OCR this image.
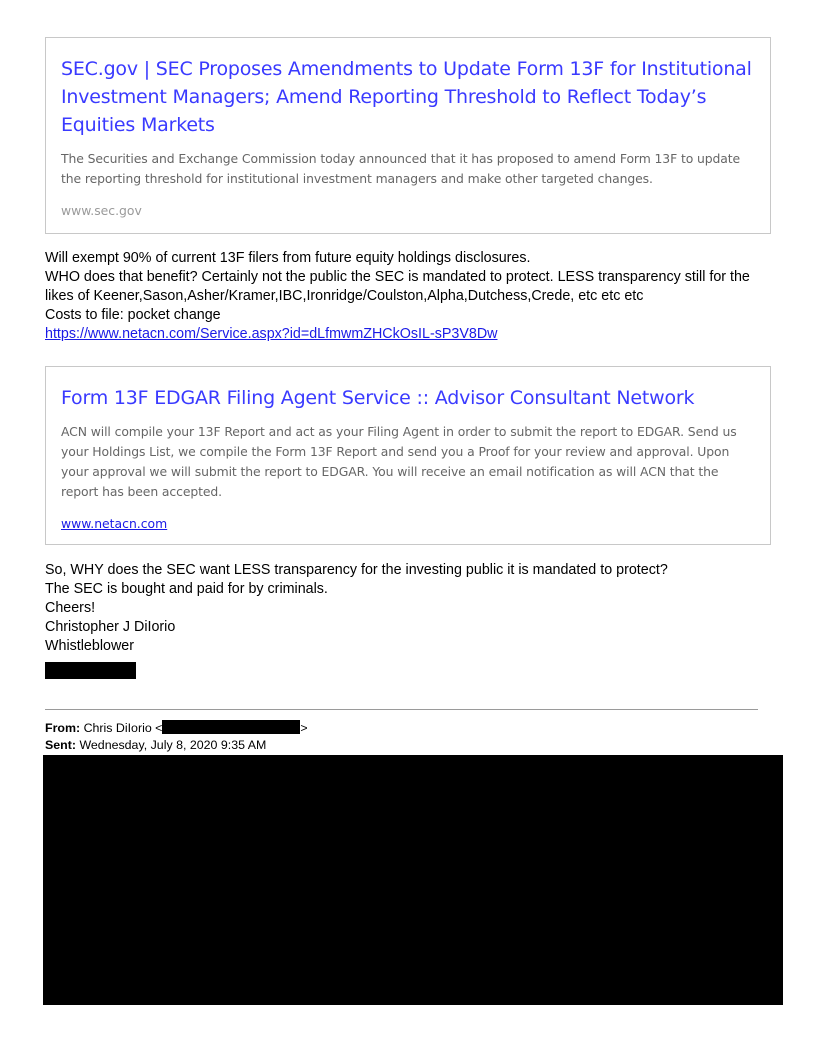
SEC.gov | SEC Proposes Amendments to Update Form 13F for Institutional Investment Managers; Amend Reporting Threshold to Reflect Today’s Equities Markets
The Securities and Exchange Commission today announced that it has proposed to amend Form 13F to update the reporting threshold for institutional investment managers and make other targeted changes.
www.sec.gov
Will exempt 90% of current 13F filers from future equity holdings disclosures.
WHO does that benefit? Certainly not the public the SEC is mandated to protect. LESS transparency still for the likes of Keener,Sason,Asher/Kramer,IBC,Ironridge/Coulston,Alpha,Dutchess,Crede, etc etc etc
Costs to file: pocket change
https://www.netacn.com/Service.aspx?id=dLfmwmZHCkOsIL-sP3V8Dw
Form 13F EDGAR Filing Agent Service :: Advisor Consultant Network
ACN will compile your 13F Report and act as your Filing Agent in order to submit the report to EDGAR. Send us your Holdings List, we compile the Form 13F Report and send you a Proof for your review and approval. Upon your approval we will submit the report to EDGAR. You will receive an email notification as will ACN that the report has been accepted.
www.netacn.com
So, WHY does the SEC want LESS transparency for the investing public it is mandated to protect?
The SEC is bought and paid for by criminals.
Cheers!
Christopher J DiIorio
Whistleblower
From: Chris DiIorio <	>
Sent: Wednesday, July 8, 2020 9:35 AM
